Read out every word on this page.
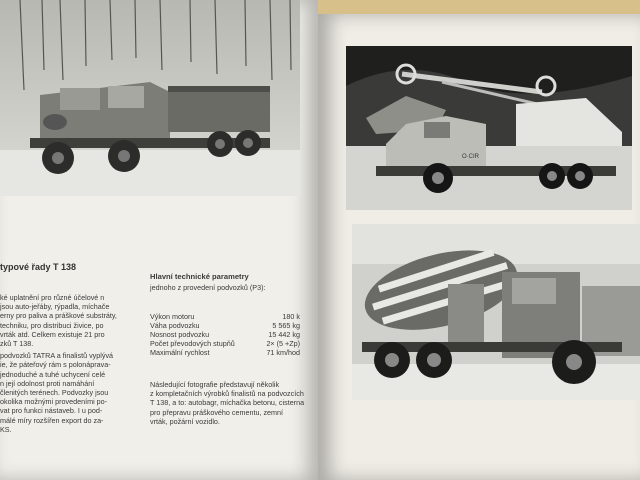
O·CIR
typové řady T 138
ké uplatnění pro různé účelové n
jsou auto-jeřáby, rýpadla, míchače
erny pro paliva a práškové substráty,
techniku, pro distribuci živice, po
vrták atd. Celkem existuje 21 pro
zků T 138.
podvozků TATRA a finalistů vyplývá
ie, že páteřový rám s polonáprava-
jednoduché a tuhé uchycení celé
n její odolnost proti namáhání
členitých terénech. Podvozky jsou
okolika možnými provedeními po-
vat pro funkci nástaveb. I u pod-
málé míry rozšířen export do za-
KS.
Hlavní technické parametry
jednoho z provedení podvozků (P3):
Výkon motoru	180 k
Váha podvozku	5 565 kg
Nosnost podvozku	15 442 kg
Počet převodových stupňů	2× (5 +Zp)
Maximální rychlost	71 km/hod
Následující fotografie představují několik
z kompletačních výrobků finalistů na podvozcích
T 138, a to: autobagr, míchačka betonu, cisterna
pro přepravu práškového cementu, zemní
vrták, požární vozidlo.
